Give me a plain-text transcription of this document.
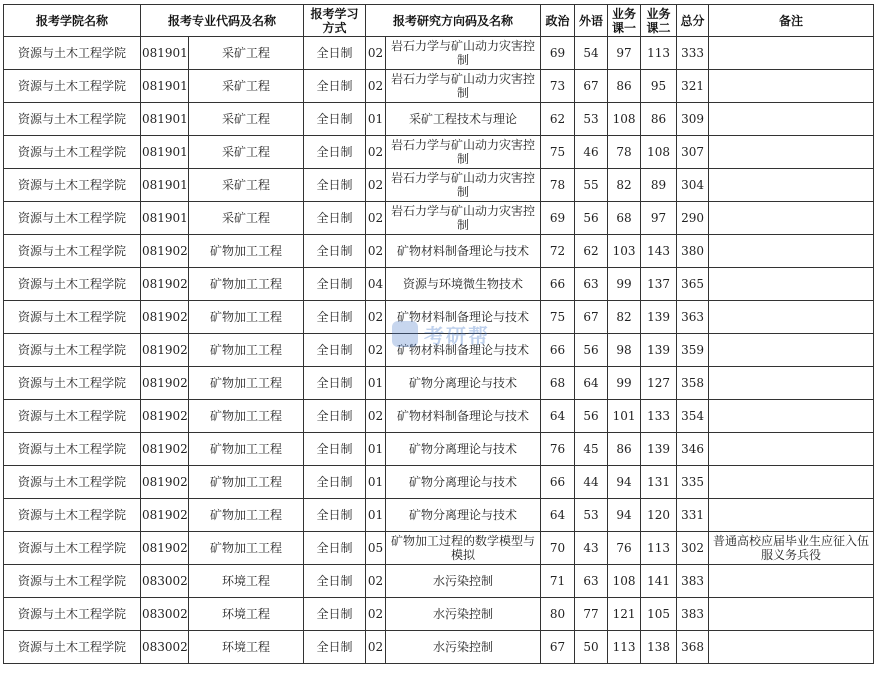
报考学院名称	报考专业代码及名称		报考学习方式	报考研究方向码及名称		政治	外语	业务课一	业务课二	总分	备注
资源与土木工程学院	081901	采矿工程	全日制	02	岩石力学与矿山动力灾害控制	69	54	97	113	333	
资源与土木工程学院	081901	采矿工程	全日制	02	岩石力学与矿山动力灾害控制	73	67	86	95	321	
资源与土木工程学院	081901	采矿工程	全日制	01	采矿工程技术与理论	62	53	108	86	309	
资源与土木工程学院	081901	采矿工程	全日制	02	岩石力学与矿山动力灾害控制	75	46	78	108	307	
资源与土木工程学院	081901	采矿工程	全日制	02	岩石力学与矿山动力灾害控制	78	55	82	89	304	
资源与土木工程学院	081901	采矿工程	全日制	02	岩石力学与矿山动力灾害控制	69	56	68	97	290	
资源与土木工程学院	081902	矿物加工工程	全日制	02	矿物材料制备理论与技术	72	62	103	143	380	
资源与土木工程学院	081902	矿物加工工程	全日制	04	资源与环境微生物技术	66	63	99	137	365	
资源与土木工程学院	081902	矿物加工工程	全日制	02	矿物材料制备理论与技术	75	67	82	139	363	
资源与土木工程学院	081902	矿物加工工程	全日制	02	矿物材料制备理论与技术	66	56	98	139	359	
资源与土木工程学院	081902	矿物加工工程	全日制	01	矿物分离理论与技术	68	64	99	127	358	
资源与土木工程学院	081902	矿物加工工程	全日制	02	矿物材料制备理论与技术	64	56	101	133	354	
资源与土木工程学院	081902	矿物加工工程	全日制	01	矿物分离理论与技术	76	45	86	139	346	
资源与土木工程学院	081902	矿物加工工程	全日制	01	矿物分离理论与技术	66	44	94	131	335	
资源与土木工程学院	081902	矿物加工工程	全日制	01	矿物分离理论与技术	64	53	94	120	331	
资源与土木工程学院	081902	矿物加工工程	全日制	05	矿物加工过程的数学模型与模拟	70	43	76	113	302	普通高校应届毕业生应征入伍服义务兵役
资源与土木工程学院	083002	环境工程	全日制	02	水污染控制	71	63	108	141	383	
资源与土木工程学院	083002	环境工程	全日制	02	水污染控制	80	77	121	105	383	
资源与土木工程学院	083002	环境工程	全日制	02	水污染控制	67	50	113	138	368	
考研帮
